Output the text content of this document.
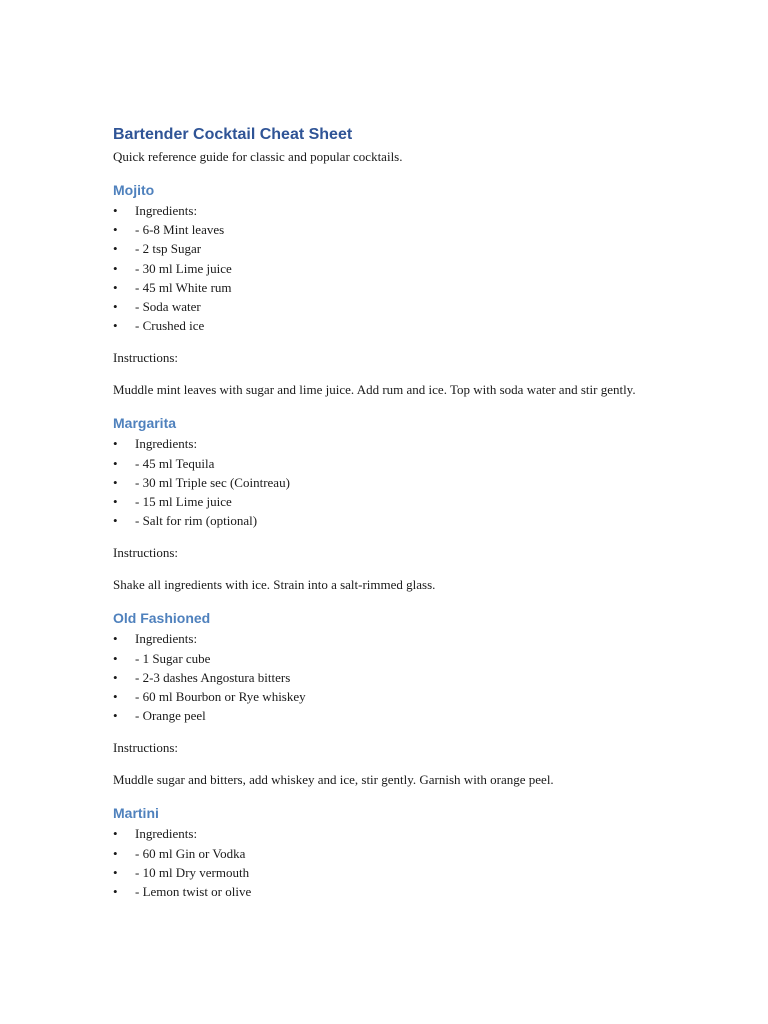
Bartender Cocktail Cheat Sheet

Quick reference guide for classic and popular cocktails.

Mojito
• Ingredients:
• - 6-8 Mint leaves
• - 2 tsp Sugar
• - 30 ml Lime juice
• - 45 ml White rum
• - Soda water
• - Crushed ice

Instructions:

Muddle mint leaves with sugar and lime juice. Add rum and ice. Top with soda water and stir gently.

Margarita
• Ingredients:
• - 45 ml Tequila
• - 30 ml Triple sec (Cointreau)
• - 15 ml Lime juice
• - Salt for rim (optional)

Instructions:

Shake all ingredients with ice. Strain into a salt-rimmed glass.

Old Fashioned
• Ingredients:
• - 1 Sugar cube
• - 2-3 dashes Angostura bitters
• - 60 ml Bourbon or Rye whiskey
• - Orange peel

Instructions:

Muddle sugar and bitters, add whiskey and ice, stir gently. Garnish with orange peel.

Martini
• Ingredients:
• - 60 ml Gin or Vodka
• - 10 ml Dry vermouth
• - Lemon twist or olive
